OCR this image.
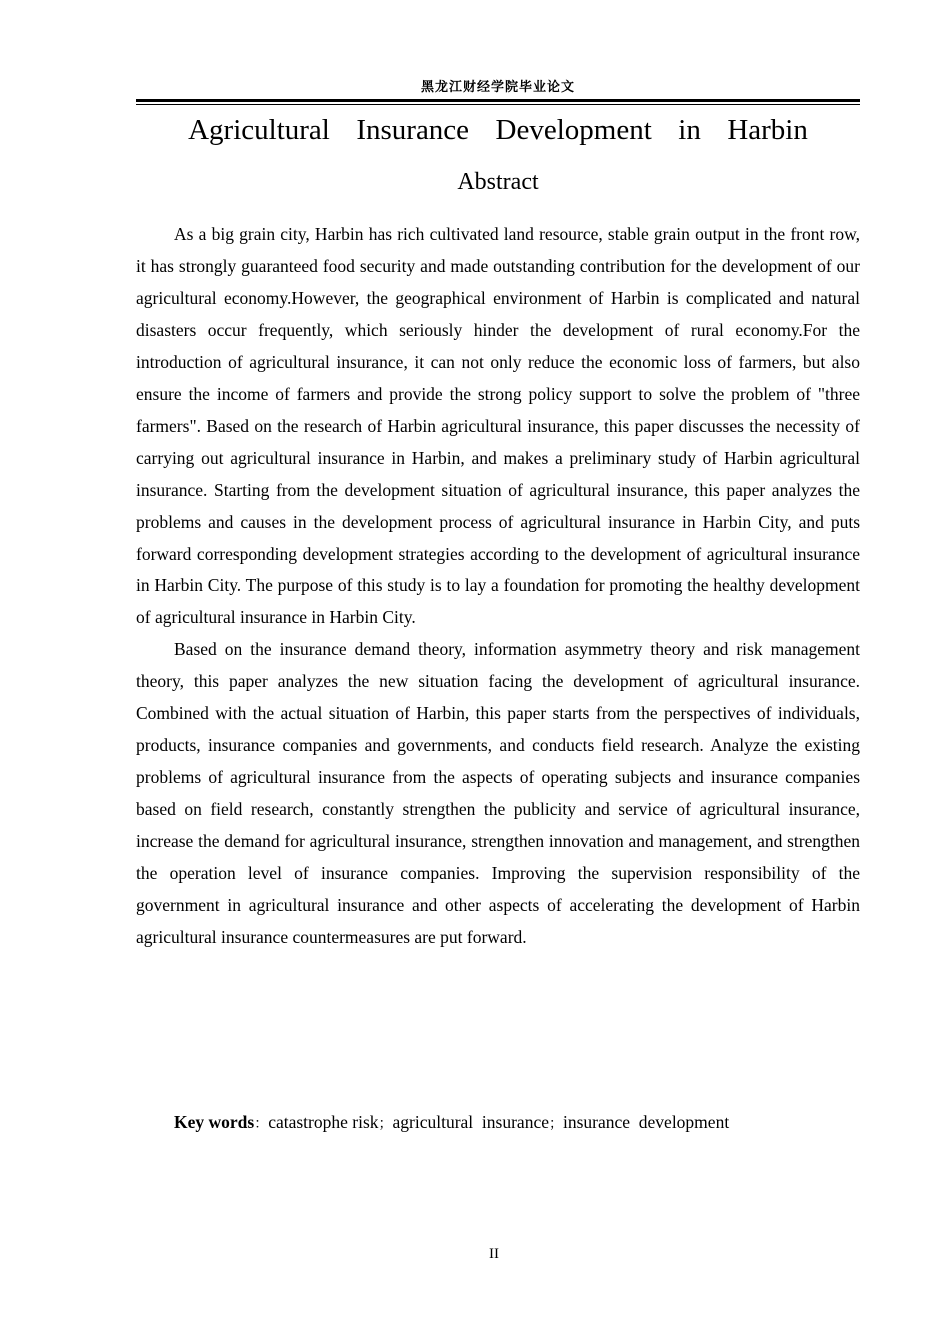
黑龙江财经学院毕业论文
Agricultural  Insurance  Development  in  Harbin
Abstract

As a big grain city, Harbin has rich cultivated land resource, stable grain output in the front row, it has strongly guaranteed food security and made outstanding contribution for the development of our agricultural economy.However, the geographical environment of Harbin is complicated and natural disasters occur frequently, which seriously hinder the development of rural economy.For the introduction of agricultural insurance, it can not only reduce the economic loss of farmers, but also ensure the income of farmers and provide the strong policy support to solve the problem of "three farmers". Based on the research of Harbin agricultural insurance, this paper discusses the necessity of carrying out agricultural insurance in Harbin, and makes a preliminary study of Harbin agricultural insurance. Starting from the development situation of agricultural insurance, this paper analyzes the problems and causes in the development process of agricultural insurance in Harbin City, and puts forward corresponding development strategies according to the development of agricultural insurance in Harbin City. The purpose of this study is to lay a foundation for promoting the healthy development of agricultural insurance in Harbin City.

Based on the insurance demand theory, information asymmetry theory and risk management theory, this paper analyzes the new situation facing the development of agricultural insurance. Combined with the actual situation of Harbin, this paper starts from the perspectives of individuals, products, insurance companies and governments, and conducts field research. Analyze the existing problems of agricultural insurance from the aspects of operating subjects and insurance companies based on field research, constantly strengthen the publicity and service of agricultural insurance, increase the demand for agricultural insurance, strengthen innovation and management, and strengthen the operation level of insurance companies. Improving the supervision responsibility of the government in agricultural insurance and other aspects of accelerating the development of Harbin agricultural insurance countermeasures are put forward.

Key words：catastrophe risk；agricultural  insurance；insurance  development
II
